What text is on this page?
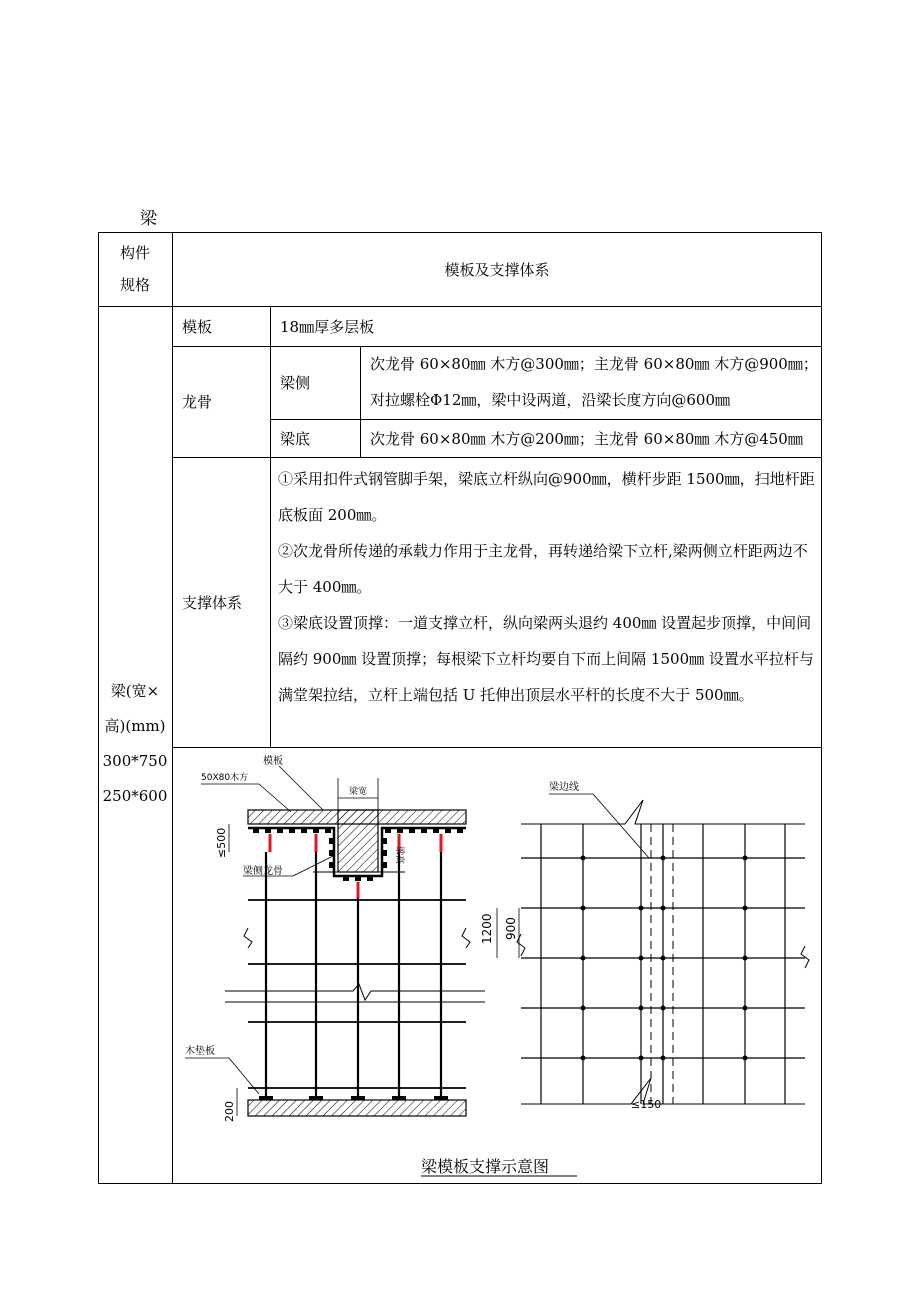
梁
构件
规格
模板及支撑体系
梁(宽×
高)(mm)
300*750
250*600
模板	18㎜厚多层板
龙骨
梁侧
次龙骨 60×80㎜ 木方@300㎜；主龙骨 60×80㎜ 木方@900㎜；
对拉螺栓Φ12㎜，梁中设两道，沿梁长度方向@600㎜
梁底	次龙骨 60×80㎜ 木方@200㎜；主龙骨 60×80㎜ 木方@450㎜
支撑体系
①采用扣件式钢管脚手架，梁底立杆纵向@900㎜，横杆步距 1500㎜，扫地杆距底板面 200㎜。
②次龙骨所传递的承载力作用于主龙骨，再转递给梁下立杆,梁两侧立杆距两边不大于 400㎜。
③梁底设置顶撑：一道支撑立杆，纵向梁两头退约 400㎜ 设置起步顶撑，中间间隔约 900㎜ 设置顶撑；每根梁下立杆均要自下而上间隔 1500㎜ 设置水平拉杆与满堂架拉结，立杆上端包括 U 托伸出顶层水平杆的长度不大于 500㎜。
模板
50X80木方
梁宽
梁高
≤500
梁侧龙骨
木垫板
200
梁边线
1200 900
≤150
梁模板支撑示意图
